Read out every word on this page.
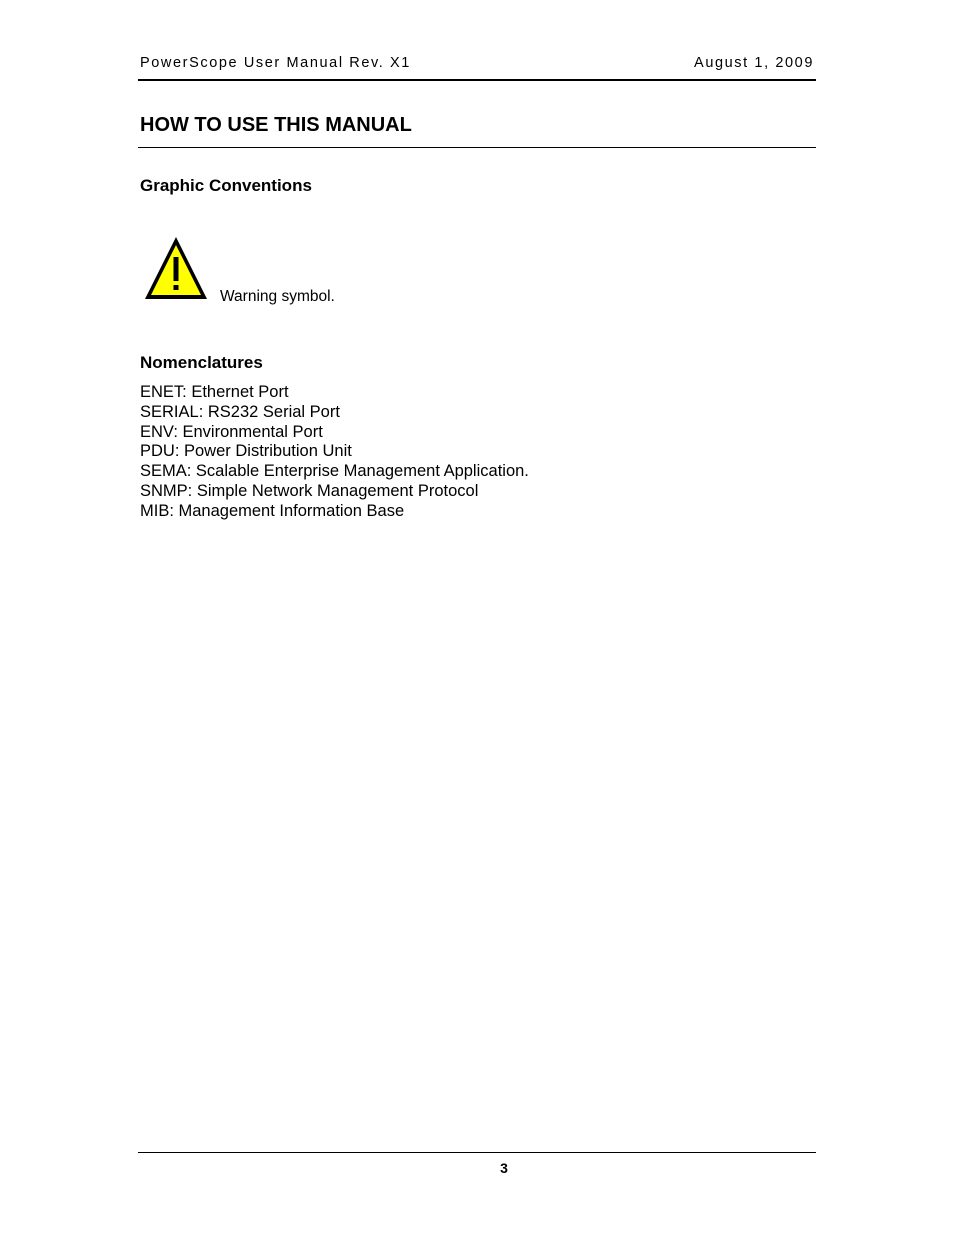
PowerScope User Manual Rev. X1	August 1, 2009
HOW TO USE THIS MANUAL
Graphic Conventions
Warning symbol.
Nomenclatures
ENET: Ethernet Port
SERIAL: RS232 Serial Port
ENV: Environmental Port
PDU: Power Distribution Unit
SEMA: Scalable Enterprise Management Application.
SNMP: Simple Network Management Protocol
MIB: Management Information Base
3
